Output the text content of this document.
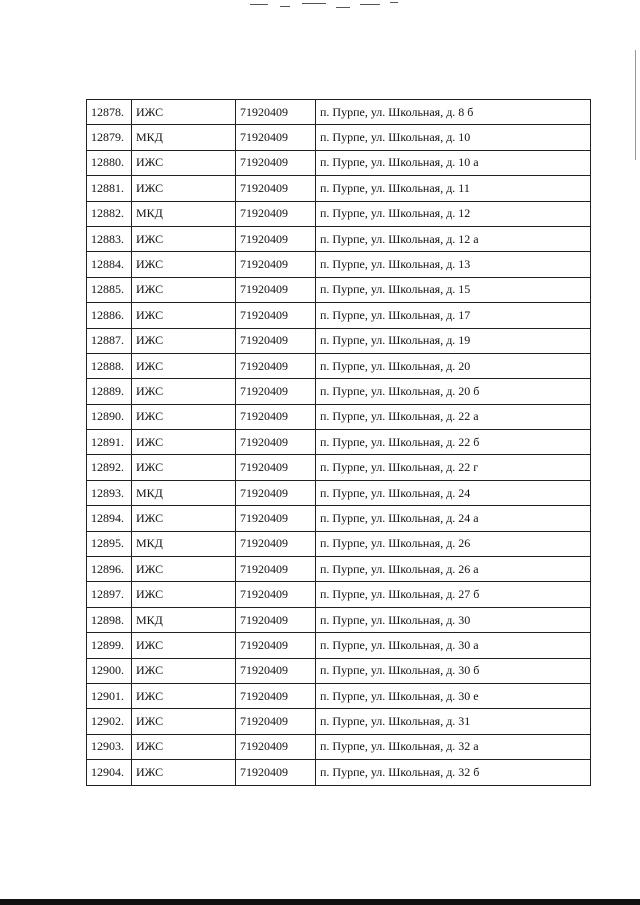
12878.	ИЖС	71920409	п. Пурпе, ул. Школьная, д. 8 б
12879.	МКД	71920409	п. Пурпе, ул. Школьная, д. 10
12880.	ИЖС	71920409	п. Пурпе, ул. Школьная, д. 10 а
12881.	ИЖС	71920409	п. Пурпе, ул. Школьная, д. 11
12882.	МКД	71920409	п. Пурпе, ул. Школьная, д. 12
12883.	ИЖС	71920409	п. Пурпе, ул. Школьная, д. 12 а
12884.	ИЖС	71920409	п. Пурпе, ул. Школьная, д. 13
12885.	ИЖС	71920409	п. Пурпе, ул. Школьная, д. 15
12886.	ИЖС	71920409	п. Пурпе, ул. Школьная, д. 17
12887.	ИЖС	71920409	п. Пурпе, ул. Школьная, д. 19
12888.	ИЖС	71920409	п. Пурпе, ул. Школьная, д. 20
12889.	ИЖС	71920409	п. Пурпе, ул. Школьная, д. 20 б
12890.	ИЖС	71920409	п. Пурпе, ул. Школьная, д. 22 а
12891.	ИЖС	71920409	п. Пурпе, ул. Школьная, д. 22 б
12892.	ИЖС	71920409	п. Пурпе, ул. Школьная, д. 22 г
12893.	МКД	71920409	п. Пурпе, ул. Школьная, д. 24
12894.	ИЖС	71920409	п. Пурпе, ул. Школьная, д. 24 а
12895.	МКД	71920409	п. Пурпе, ул. Школьная, д. 26
12896.	ИЖС	71920409	п. Пурпе, ул. Школьная, д. 26 а
12897.	ИЖС	71920409	п. Пурпе, ул. Школьная, д. 27 б
12898.	МКД	71920409	п. Пурпе, ул. Школьная, д. 30
12899.	ИЖС	71920409	п. Пурпе, ул. Школьная, д. 30 а
12900.	ИЖС	71920409	п. Пурпе, ул. Школьная, д. 30 б
12901.	ИЖС	71920409	п. Пурпе, ул. Школьная, д. 30 е
12902.	ИЖС	71920409	п. Пурпе, ул. Школьная, д. 31
12903.	ИЖС	71920409	п. Пурпе, ул. Школьная, д. 32 а
12904.	ИЖС	71920409	п. Пурпе, ул. Школьная, д. 32 б
